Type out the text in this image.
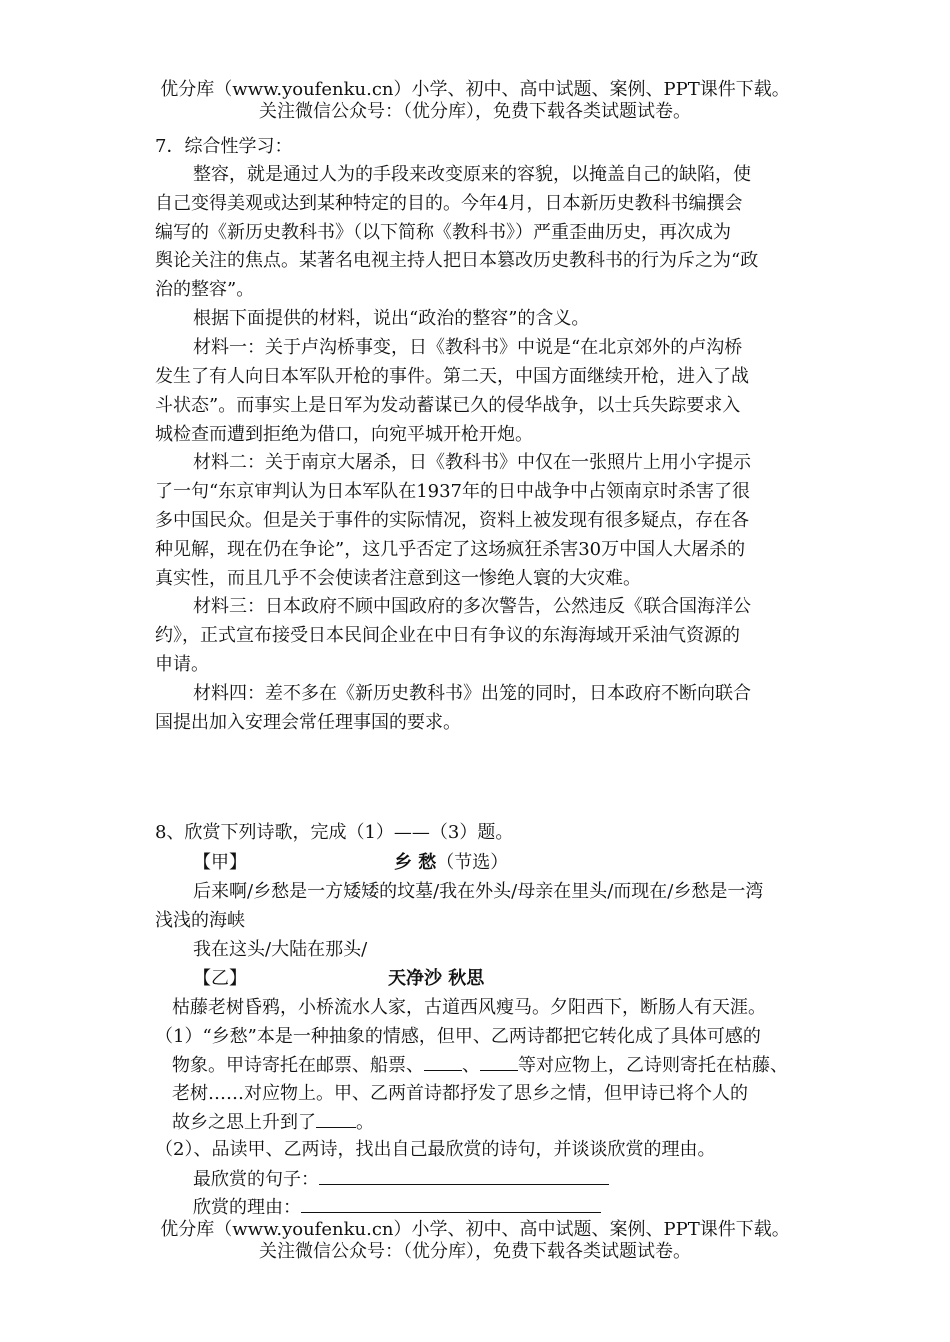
优分库（www.youfenku.cn）小学、初中、高中试题、案例、PPT课件下载。
关注微信公众号：（优分库），免费下载各类试题试卷。
7．综合性学习：
整容，就是通过人为的手段来改变原来的容貌，以掩盖自己的缺陷，使
自己变得美观或达到某种特定的目的。今年4月，日本新历史教科书编撰会
编写的《新历史教科书》（以下简称《教科书》）严重歪曲历史，再次成为
舆论关注的焦点。某著名电视主持人把日本篡改历史教科书的行为斥之为“政
治的整容”。
根据下面提供的材料，说出“政治的整容”的含义。
材料一：关于卢沟桥事变，日《教科书》中说是“在北京郊外的卢沟桥
发生了有人向日本军队开枪的事件。第二天，中国方面继续开枪，进入了战
斗状态”。而事实上是日军为发动蓄谋已久的侵华战争，以士兵失踪要求入
城检查而遭到拒绝为借口，向宛平城开枪开炮。
材料二：关于南京大屠杀，日《教科书》中仅在一张照片上用小字提示
了一句“东京审判认为日本军队在1937年的日中战争中占领南京时杀害了很
多中国民众。但是关于事件的实际情况，资料上被发现有很多疑点，存在各
种见解，现在仍在争论”，这几乎否定了这场疯狂杀害30万中国人大屠杀的
真实性，而且几乎不会使读者注意到这一惨绝人寰的大灾难。
材料三：日本政府不顾中国政府的多次警告，公然违反《联合国海洋公
约》，正式宣布接受日本民间企业在中日有争议的东海海域开采油气资源的
申请。
材料四：差不多在《新历史教科书》出笼的同时，日本政府不断向联合
国提出加入安理会常任理事国的要求。
8、欣赏下列诗歌，完成（1）——（3）题。
【甲】	乡 愁（节选）
后来啊/乡愁是一方矮矮的坟墓/我在外头/母亲在里头/而现在/乡愁是一湾
浅浅的海峡
我在这头/大陆在那头/
【乙】	天净沙 秋思
枯藤老树昏鸦，小桥流水人家，古道西风瘦马。夕阳西下，断肠人有天涯。
（1）“乡愁”本是一种抽象的情感，但甲、乙两诗都把它转化成了具体可感的
物象。甲诗寄托在邮票、船票、 、 等对应物上，乙诗则寄托在枯藤、
老树……对应物上。甲、乙两首诗都抒发了思乡之情，但甲诗已将个人的
故乡之思上升到了 。
（2）、品读甲、乙两诗，找出自己最欣赏的诗句，并谈谈欣赏的理由。
最欣赏的句子：
欣赏的理由：
优分库（www.youfenku.cn）小学、初中、高中试题、案例、PPT课件下载。
关注微信公众号：（优分库），免费下载各类试题试卷。
